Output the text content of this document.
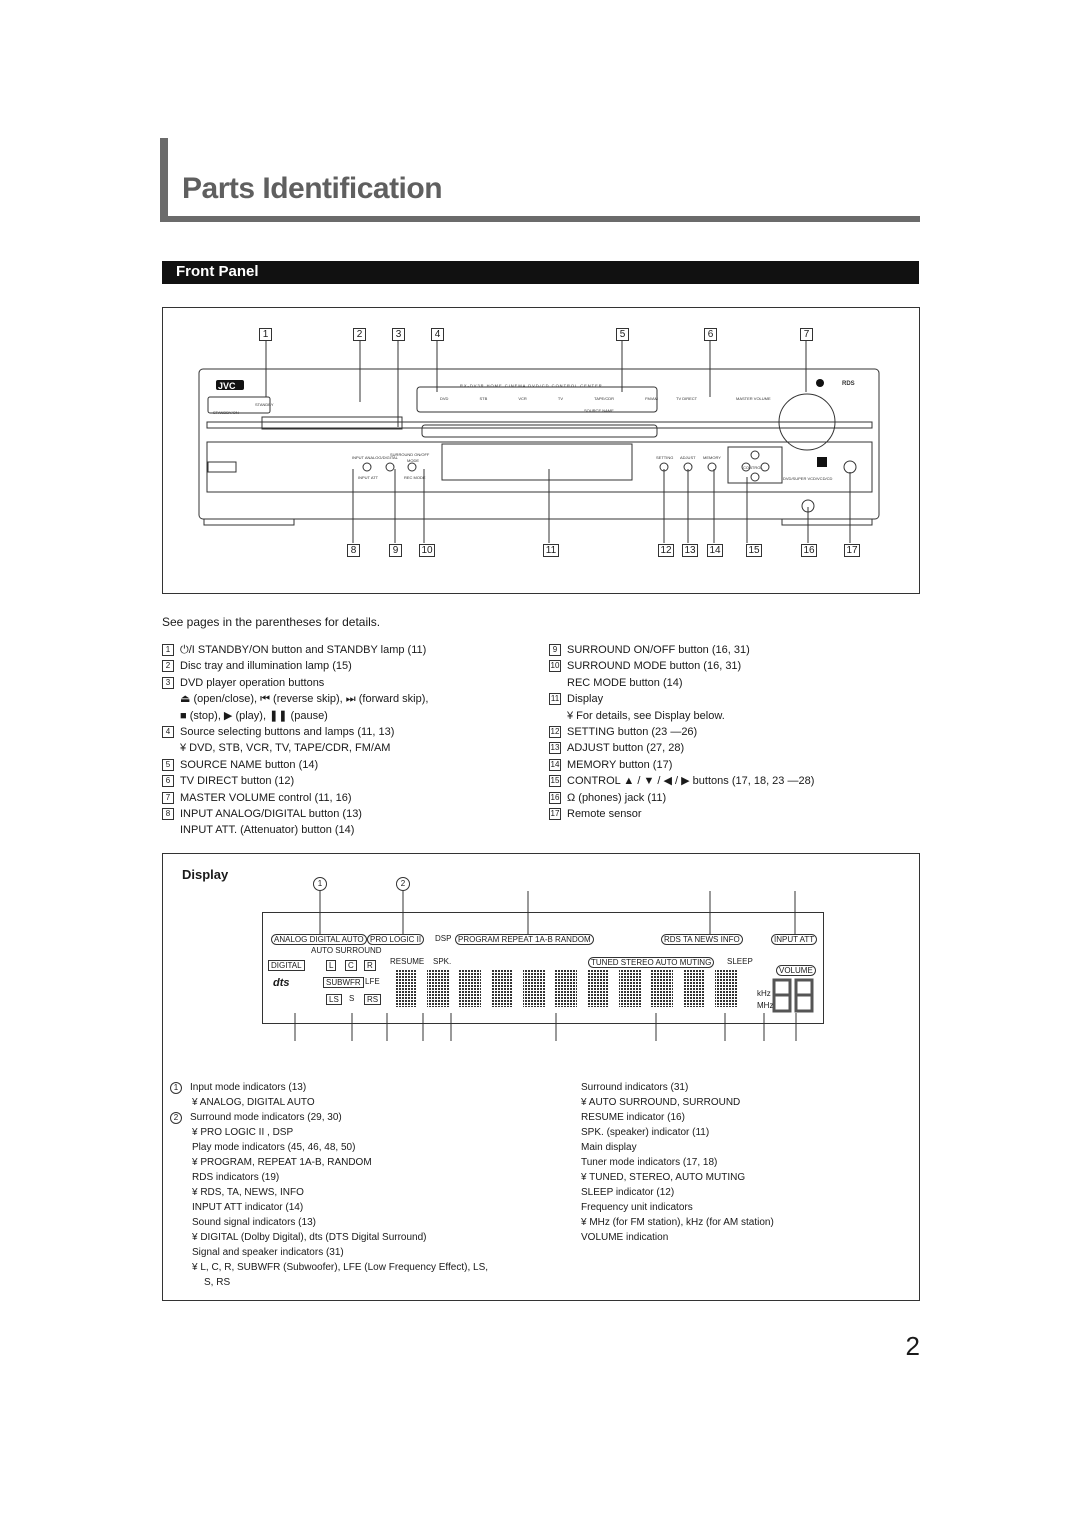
Parts Identification
Front Panel
1	2	3	4	5	6	7
8	9	10	11	12 13 14	15	16	17
JVC	RX-DV3R HOME CINEMA DVD/CD CONTROL CENTER
STANDBY/ON
STANDBY
DVD	STB	VCR	TV	TAPE/CDR	FM/AM
SOURCE NAME
TV DIRECT	MASTER VOLUME
RDS
INPUT ANALOG/DIGITAL
SURROUND ON/OFF
MODE
INPUT ATT	REC MODE
SETTING ADJUST MEMORY
CONTROL
DVD/SUPER VCD/VCD/CD
See pages in the parentheses for details.
1 ⏻/I STANDBY/ON button and STANDBY lamp (11)
2 Disc tray and illumination lamp (15)
3 DVD player operation buttons
⏏ (open/close), ⏮ (reverse skip), ⏭ (forward skip),
■ (stop), ▶ (play), ❚❚ (pause)
4 Source selecting buttons and lamps (11, 13)
¥ DVD, STB, VCR, TV, TAPE/CDR, FM/AM
5 SOURCE NAME button (14)
6 TV DIRECT button (12)
7 MASTER VOLUME control (11, 16)
8 INPUT ANALOG/DIGITAL button (13)
INPUT ATT. (Attenuator) button (14)
9 SURROUND ON/OFF button (16, 31)
10 SURROUND MODE button (16, 31)
REC MODE button (14)
11 Display
¥ For details, see Display below.
12 SETTING button (23 —26)
13 ADJUST button (27, 28)
14 MEMORY button (17)
15 CONTROL ▲ / ▼ / ◀ / ▶ buttons (17, 18, 23 —28)
16 Ω (phones) jack (11)
17 Remote sensor
Display
1	2
ANALOG DIGITAL AUTO PRO LOGIC II	DSP PROGRAM REPEAT 1A-B RANDOM	RDS TA NEWS INFO	INPUT ATT
AUTO SURROUND
DIGITAL	L	C	R
dts	SUBWFR LFE
LS	S	RS
RESUME SPK.	TUNED STEREO AUTO MUTING	SLEEP
VOLUME
kHz
MHz
1 Input mode indicators (13)
¥ ANALOG, DIGITAL AUTO
2 Surround mode indicators (29, 30)
¥ PRO LOGIC II , DSP
Play mode indicators (45, 46, 48, 50)
¥ PROGRAM, REPEAT 1A-B, RANDOM
RDS indicators (19)
¥ RDS, TA, NEWS, INFO
INPUT ATT indicator (14)
Sound signal indicators (13)
¥ DIGITAL (Dolby Digital), dts (DTS Digital Surround)
Signal and speaker indicators (31)
¥ L, C, R, SUBWFR (Subwoofer), LFE (Low Frequency Effect), LS,
S, RS
Surround indicators (31)
¥ AUTO SURROUND, SURROUND
RESUME indicator (16)
SPK. (speaker) indicator (11)
Main display
Tuner mode indicators (17, 18)
¥ TUNED, STEREO, AUTO MUTING
SLEEP indicator (12)
Frequency unit indicators
¥ MHz (for FM station), kHz (for AM station)
VOLUME indication
2
